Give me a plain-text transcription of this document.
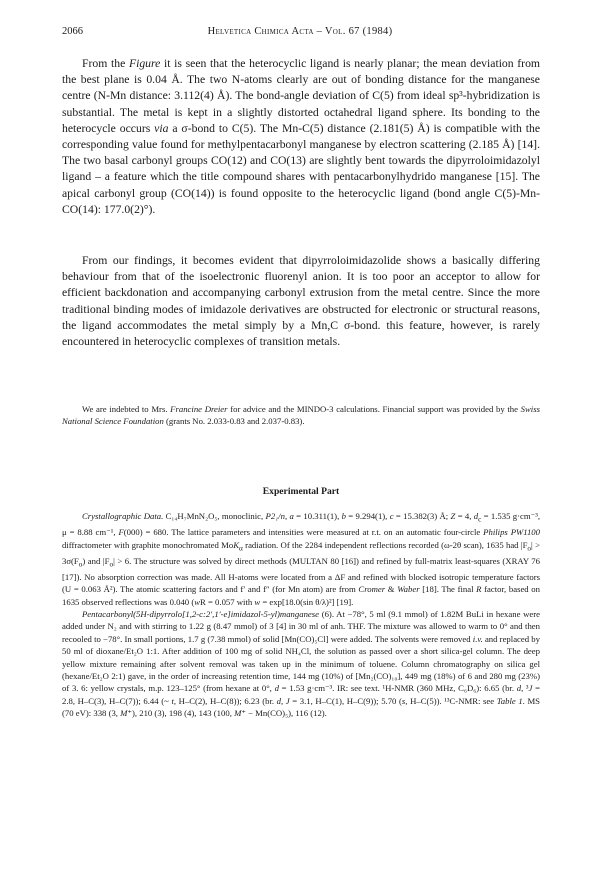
2066	Helvetica Chimica Acta – Vol. 67 (1984)

From the Figure it is seen that the heterocyclic ligand is nearly planar; the mean deviation from the best plane is 0.04 Å. The two N-atoms clearly are out of bonding distance for the manganese centre (N-Mn distance: 3.112(4) Å). The bond-angle deviation of C(5) from ideal sp³-hybridization is substantial. The metal is kept in a slightly distorted octahedral ligand sphere. Its bonding to the heterocycle occurs via a σ-bond to C(5). The Mn-C(5) distance (2.181(5) Å) is compatible with the corresponding value found for methylpentacarbonyl manganese by electron scattering (2.185 Å) [14]. The two basal carbonyl groups CO(12) and CO(13) are slightly bent towards the dipyrroloimidazolyl ligand – a feature which the title compound shares with pentacarbonylhydrido manganese [15]. The apical carbonyl group (CO(14)) is found opposite to the heterocyclic ligand (bond angle C(5)-Mn-CO(14): 177.0(2)°).

From our findings, it becomes evident that dipyrroloimidazolide shows a basically differing behaviour from that of the isoelectronic fluorenyl anion. It is too poor an acceptor to allow for efficient backdonation and accompanying carbonyl extrusion from the metal centre. Since the more traditional binding modes of imidazole derivatives are obstructed for electronic or structural reasons, the ligand accommodates the metal simply by a Mn,C σ-bond. this feature, however, is rarely encountered in heterocyclic complexes of transition metals.

We are indebted to Mrs. Francine Dreier for advice and the MINDO-3 calculations. Financial support was provided by the Swiss National Science Foundation (grants No. 2.033-0.83 and 2.037-0.83).

Experimental Part

Crystallographic Data. C₁₄H₇MnN₂O₅, monoclinic, P2₁/n, a = 10.311(1), b = 9.294(1), c = 15.382(3) Å; Z = 4, $d_c = 1.535$ g·cm⁻³, μ = 8.88 cm⁻¹, F(000) = 680. The lattice parameters and intensities were measured at r.t. on an automatic four-circle Philips PW1100 diffractometer with graphite monochromated MoK$_\alpha$ radiation. Of the 2284 independent reflections recorded (ω-2θ scan), 1635 had $|F_o| > 3\sigma(F_o)$ and $|F_o| > 6$. The structure was solved by direct methods (MULTAN 80 [16]) and refined by full-matrix least-squares (XRAY 76 [17]). No absorption correction was made. All H-atoms were located from a ΔF and refined with blocked isotropic temperature factors (U = 0.063 Å²). The atomic scattering factors and f′ and f″ (for Mn atom) are from Cromer & Waber [18]. The final R factor, based on 1635 observed reflections was 0.040 (wR = 0.057 with w = exp[18.0(sin θ/λ)²] [19].

Pentacarbonyl(5H-dipyrrolo[1,2-c:2′,1′-e]imidazol-5-yl)manganese (6). At −78°, 5 ml (9.1 mmol) of 1.82M BuLi in hexane were added under N₂ and with stirring to 1.22 g (8.47 mmol) of 3 [4] in 30 ml of anh. THF. The mixture was allowed to warm to 0° and then recooled to −78°. In small portions, 1.7 g (7.38 mmol) of solid [Mn(CO)₅Cl] were added. The solvents were removed i.v. and replaced by 50 ml of dioxane/Et₂O 1:1. After addition of 100 mg of solid NH₄Cl, the solution as passed over a short silica-gel column. The deep yellow mixture remaining after solvent removal was taken up in the minimum of toluene. Column chromatography on silica gel (hexane/Et₂O 2:1) gave, in the order of increasing retention time, 144 mg (10%) of [Mn₂(CO)₁₀], 449 mg (18%) of 6 and 280 mg (23%) of 3. 6: yellow crystals, m.p. 123–125° (from hexane at 0°, d = 1.53 g·cm⁻³. IR: see text. ¹H-NMR (360 MHz, C₆D₆): 6.65 (br. d, ³J = 2.8, H–C(3), H–C(7)); 6.44 (~ t, H–C(2), H–C(8)); 6.23 (br. d, J = 3.1, H–C(1), H–C(9)); 5.70 (s, H–C(5)). ¹³C-NMR: see Table 1. MS (70 eV): 338 (3, M⁺), 210 (3), 198 (4), 143 (100, M⁺ − Mn(CO)₅), 116 (12).
